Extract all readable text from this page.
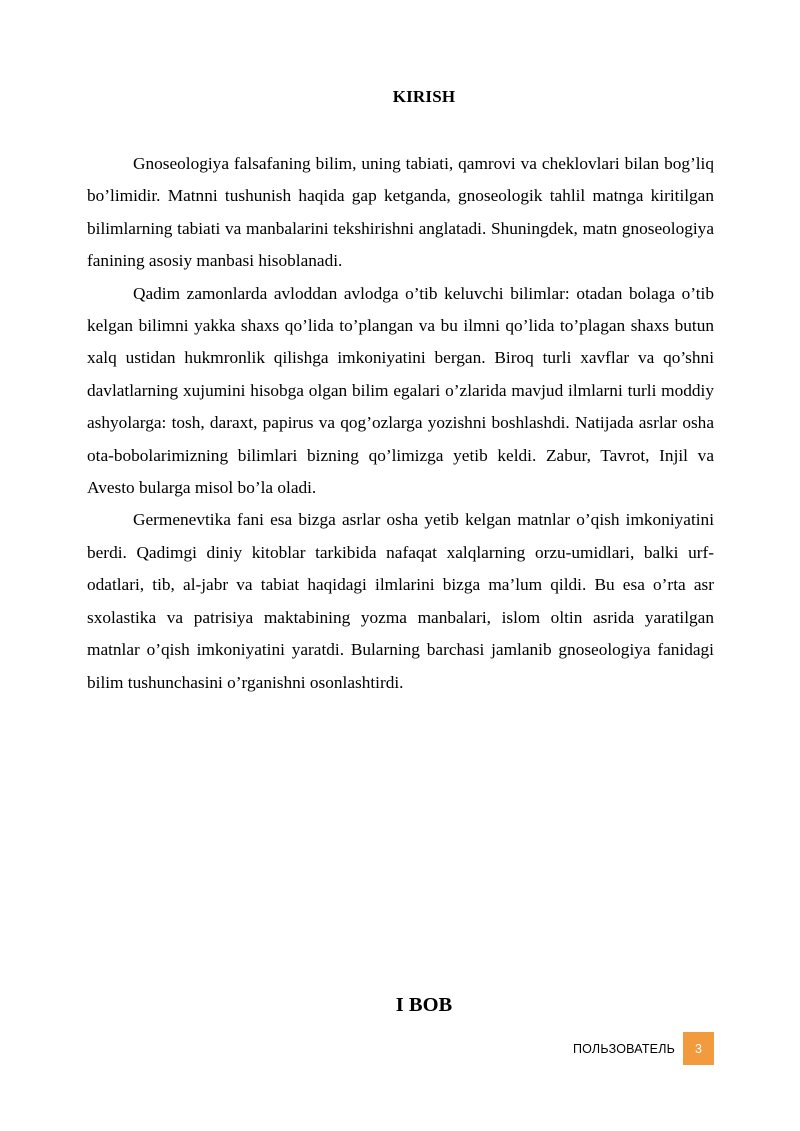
KIRISH

Gnoseologiya falsafaning bilim, uning tabiati, qamrovi va cheklovlari bilan bog’liq bo’limidir. Matnni tushunish haqida gap ketganda, gnoseologik tahlil matnga kiritilgan bilimlarning tabiati va manbalarini tekshirishni anglatadi. Shuningdek, matn gnoseologiya fanining asosiy manbasi hisoblanadi.

Qadim zamonlarda avloddan avlodga o’tib keluvchi bilimlar: otadan bolaga o’tib kelgan bilimni yakka shaxs qo’lida to’plangan va bu ilmni qo’lida to’plagan shaxs butun xalq ustidan hukmronlik qilishga imkoniyatini bergan. Biroq turli xavflar va qo’shni davlatlarning xujumini hisobga olgan bilim egalari o’zlarida mavjud ilmlarni turli moddiy ashyolarga: tosh, daraxt, papirus va qog’ozlarga yozishni boshlashdi. Natijada asrlar osha ota-bobolarimizning bilimlari bizning qo’limizga yetib keldi. Zabur, Tavrot, Injil va Avesto bularga misol bo’la oladi.

Germenevtika fani esa bizga asrlar osha yetib kelgan matnlar o’qish imkoniyatini berdi. Qadimgi diniy kitoblar tarkibida nafaqat xalqlarning orzu-umidlari, balki urf-odatlari, tib, al-jabr va tabiat haqidagi ilmlarini bizga ma’lum qildi. Bu esa o’rta asr sxolastika va patrisiya maktabining yozma manbalari, islom oltin asrida yaratilgan matnlar o’qish imkoniyatini yaratdi. Bularning barchasi jamlanib gnoseologiya fanidagi bilim tushunchasini o’rganishni osonlashtirdi.

I BOB
ПОЛЬЗОВАТЕЛЬ	3
